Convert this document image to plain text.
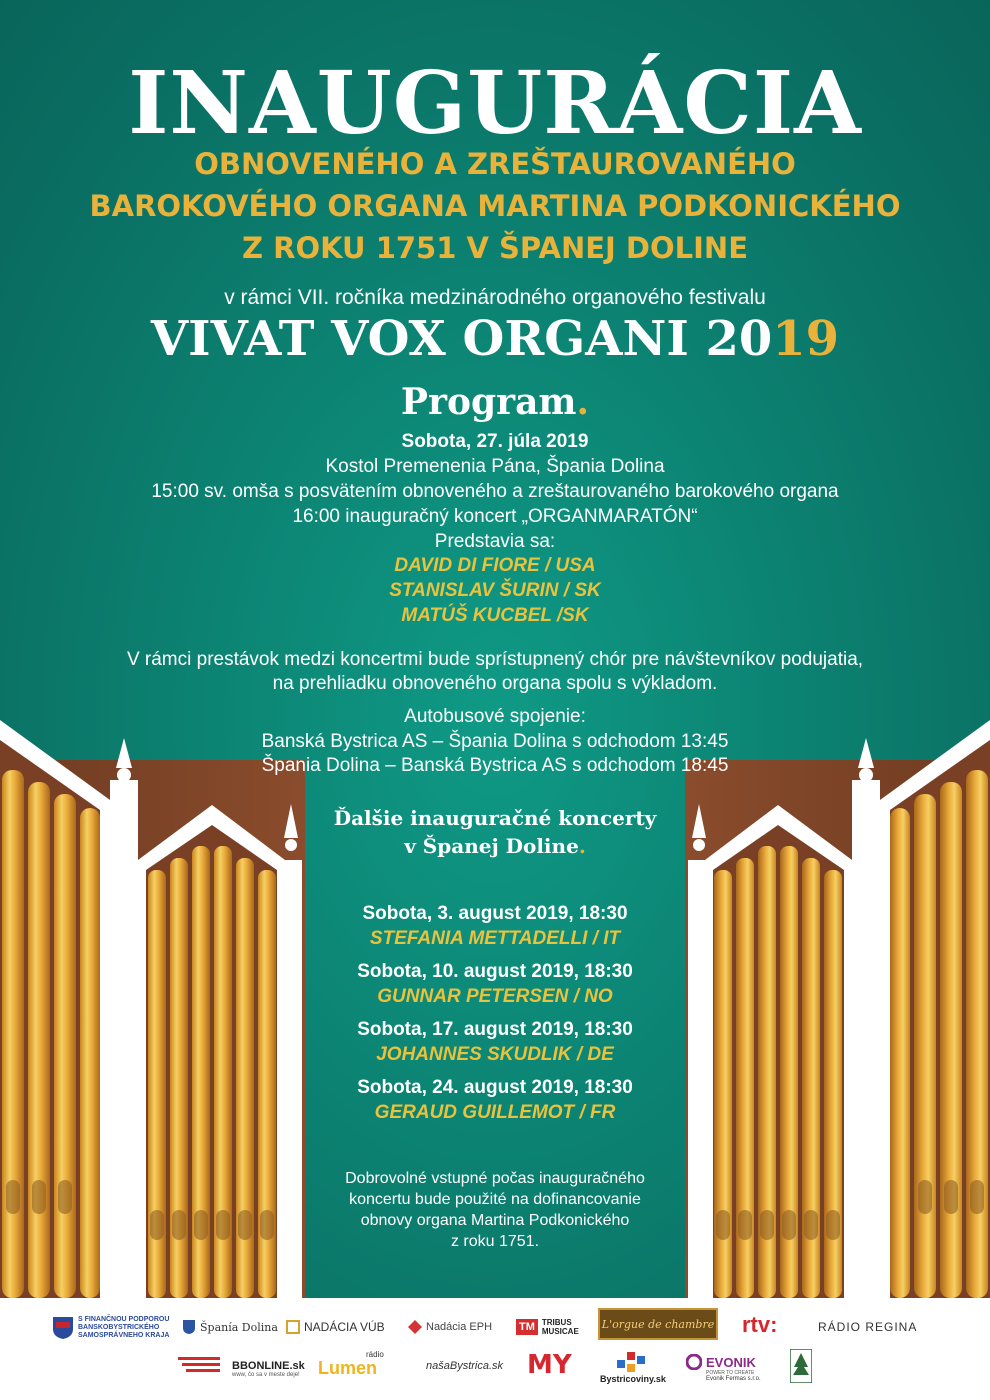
INAUGURÁCIA
OBNOVENÉHO A ZREŠTAUROVANÉHO
BAROKOVÉHO ORGANA MARTINA PODKONICKÉHO
Z ROKU 1751 V ŠPANEJ DOLINE
v rámci VII. ročníka medzinárodného organového festivalu
VIVAT VOX ORGANI 2019
Program.
Sobota, 27. júla 2019
Kostol Premenenia Pána, Špania Dolina
15:00 sv. omša s posvätením obnoveného a zreštaurovaného barokového organa
16:00 inauguračný koncert „ORGANMARATÓN“
Predstavia sa:
DAVID DI FIORE / USA
STANISLAV ŠURIN / SK
MATÚŠ KUCBEL /SK
V rámci prestávok medzi koncertmi bude sprístupnený chór pre návštevníkov podujatia,
na prehliadku obnoveného organa spolu s výkladom.
Autobusové spojenie:
Banská Bystrica AS – Špania Dolina s odchodom 13:45
Špania Dolina – Banská Bystrica AS s odchodom 18:45
Ďalšie inauguračné koncerty
v Španej Doline.
Sobota, 3. august 2019, 18:30
STEFANIA METTADELLI / IT
Sobota, 10. august 2019, 18:30
GUNNAR PETERSEN / NO
Sobota, 17. august 2019, 18:30
JOHANNES SKUDLIK / DE
Sobota, 24. august 2019, 18:30
GERAUD GUILLEMOT / FR
Dobrovolné vstupné počas inauguračného
koncertu bude použité na dofinancovanie
obnovy organa Martina Podkonického
z roku 1751.
S FINANČNOU PODPOROU
BANSKOBYSTRICKÉHO
SAMOSPRÁVNEHO KRAJA
Španía Dolina NADÁCIA VÚB	Nadácia EPH TM TRIBUS
MUSICAE
L'orgue de chambre rtv:	RÁDIO REGINA
BBONLINE.sk
www, čo sa v meste deje!
rádio
Lumen	našaBystrica.sk MY	Bystricoviny.sk
EVONIK
POWER TO CREATE
Evonik Fermas s.r.o.
